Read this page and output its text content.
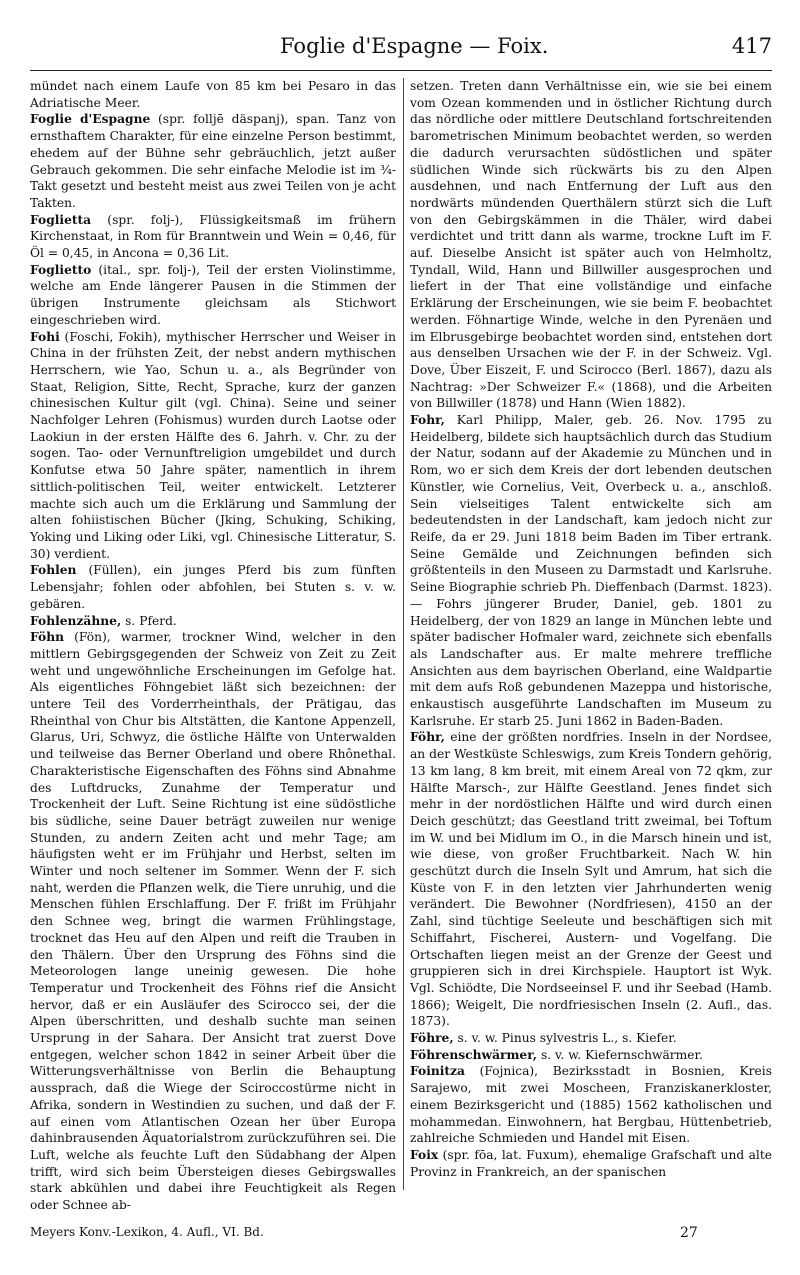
Foglie d'Espagne — Foix.	417

mündet nach einem Laufe von 85 km bei Pesaro in das Adriatische Meer.

Foglie d'Espagne (spr. folljē däspanj), span. Tanz von ernsthaftem Charakter, für eine einzelne Person bestimmt, ehedem auf der Bühne sehr gebräuchlich, jetzt außer Gebrauch gekommen. Die sehr einfache Melodie ist im ¾-Takt gesetzt und besteht meist aus zwei Teilen von je acht Takten.

Foglietta (spr. folj-), Flüssigkeitsmaß im frühern Kirchenstaat, in Rom für Branntwein und Wein = 0,46, für Öl = 0,45, in Ancona = 0,36 Lit.

Foglietto (ital., spr. folj-), Teil der ersten Violinstimme, welche am Ende längerer Pausen in die Stimmen der übrigen Instrumente gleichsam als Stichwort eingeschrieben wird.

Fohi (Foschi, Fokih), mythischer Herrscher und Weiser in China in der frühsten Zeit, der nebst andern mythischen Herrschern, wie Yao, Schun u. a., als Begründer von Staat, Religion, Sitte, Recht, Sprache, kurz der ganzen chinesischen Kultur gilt (vgl. China). Seine und seiner Nachfolger Lehren (Fohismus) wurden durch Laotse oder Laokiun in der ersten Hälfte des 6. Jahrh. v. Chr. zu der sogen. Tao- oder Vernunftreligion umgebildet und durch Konfutse etwa 50 Jahre später, namentlich in ihrem sittlich-politischen Teil, weiter entwickelt. Letzterer machte sich auch um die Erklärung und Sammlung der alten fohiistischen Bücher (Jking, Schuking, Schiking, Yoking und Liking oder Liki, vgl. Chinesische Litteratur, S. 30) verdient.

Fohlen (Füllen), ein junges Pferd bis zum fünften Lebensjahr; fohlen oder abfohlen, bei Stuten s. v. w. gebären.

Fohlenzähne, s. Pferd.

Föhn (Fön), warmer, trockner Wind, welcher in den mittlern Gebirgsgegenden der Schweiz von Zeit zu Zeit weht und ungewöhnliche Erscheinungen im Gefolge hat. Als eigentliches Föhngebiet läßt sich bezeichnen: der untere Teil des Vorderrheinthals, der Prätigau, das Rheinthal von Chur bis Altstätten, die Kantone Appenzell, Glarus, Uri, Schwyz, die östliche Hälfte von Unterwalden und teilweise das Berner Oberland und obere Rhônethal. Charakteristische Eigenschaften des Föhns sind Abnahme des Luftdrucks, Zunahme der Temperatur und Trockenheit der Luft. Seine Richtung ist eine südöstliche bis südliche, seine Dauer beträgt zuweilen nur wenige Stunden, zu andern Zeiten acht und mehr Tage; am häufigsten weht er im Frühjahr und Herbst, selten im Winter und noch seltener im Sommer. Wenn der F. sich naht, werden die Pflanzen welk, die Tiere unruhig, und die Menschen fühlen Erschlaffung. Der F. frißt im Frühjahr den Schnee weg, bringt die warmen Frühlingstage, trocknet das Heu auf den Alpen und reift die Trauben in den Thälern. Über den Ursprung des Föhns sind die Meteorologen lange uneinig gewesen. Die hohe Temperatur und Trockenheit des Föhns rief die Ansicht hervor, daß er ein Ausläufer des Scirocco sei, der die Alpen überschritten, und deshalb suchte man seinen Ursprung in der Sahara. Der Ansicht trat zuerst Dove entgegen, welcher schon 1842 in seiner Arbeit über die Witterungsverhältnisse von Berlin die Behauptung aussprach, daß die Wiege der Sciroccostürme nicht in Afrika, sondern in Westindien zu suchen, und daß der F. auf einen vom Atlantischen Ozean her über Europa dahinbrausenden Äquatorialstrom zurückzuführen sei. Die Luft, welche als feuchte Luft den Südabhang der Alpen trifft, wird sich beim Übersteigen dieses Gebirgswalles stark abkühlen und dabei ihre Feuchtigkeit als Regen oder Schnee ab-

setzen. Treten dann Verhältnisse ein, wie sie bei einem vom Ozean kommenden und in östlicher Richtung durch das nördliche oder mittlere Deutschland fortschreitenden barometrischen Minimum beobachtet werden, so werden die dadurch verursachten südöstlichen und später südlichen Winde sich rückwärts bis zu den Alpen ausdehnen, und nach Entfernung der Luft aus den nordwärts mündenden Querthälern stürzt sich die Luft von den Gebirgskämmen in die Thäler, wird dabei verdichtet und tritt dann als warme, trockne Luft im F. auf. Dieselbe Ansicht ist später auch von Helmholtz, Tyndall, Wild, Hann und Billwiller ausgesprochen und liefert in der That eine vollständige und einfache Erklärung der Erscheinungen, wie sie beim F. beobachtet werden. Föhnartige Winde, welche in den Pyrenäen und im Elbrusgebirge beobachtet worden sind, entstehen dort aus denselben Ursachen wie der F. in der Schweiz. Vgl. Dove, Über Eiszeit, F. und Scirocco (Berl. 1867), dazu als Nachtrag: »Der Schweizer F.« (1868), und die Arbeiten von Billwiller (1878) und Hann (Wien 1882).

Fohr, Karl Philipp, Maler, geb. 26. Nov. 1795 zu Heidelberg, bildete sich hauptsächlich durch das Studium der Natur, sodann auf der Akademie zu München und in Rom, wo er sich dem Kreis der dort lebenden deutschen Künstler, wie Cornelius, Veit, Overbeck u. a., anschloß. Sein vielseitiges Talent entwickelte sich am bedeutendsten in der Landschaft, kam jedoch nicht zur Reife, da er 29. Juni 1818 beim Baden im Tiber ertrank. Seine Gemälde und Zeichnungen befinden sich größtenteils in den Museen zu Darmstadt und Karlsruhe. Seine Biographie schrieb Ph. Dieffenbach (Darmst. 1823). — Fohrs jüngerer Bruder, Daniel, geb. 1801 zu Heidelberg, der von 1829 an lange in München lebte und später badischer Hofmaler ward, zeichnete sich ebenfalls als Landschafter aus. Er malte mehrere treffliche Ansichten aus dem bayrischen Oberland, eine Waldpartie mit dem aufs Roß gebundenen Mazeppa und historische, enkaustisch ausgeführte Landschaften im Museum zu Karlsruhe. Er starb 25. Juni 1862 in Baden-Baden.

Föhr, eine der größten nordfries. Inseln in der Nordsee, an der Westküste Schleswigs, zum Kreis Tondern gehörig, 13 km lang, 8 km breit, mit einem Areal von 72 qkm, zur Hälfte Marsch-, zur Hälfte Geestland. Jenes findet sich mehr in der nordöstlichen Hälfte und wird durch einen Deich geschützt; das Geestland tritt zweimal, bei Toftum im W. und bei Midlum im O., in die Marsch hinein und ist, wie diese, von großer Fruchtbarkeit. Nach W. hin geschützt durch die Inseln Sylt und Amrum, hat sich die Küste von F. in den letzten vier Jahrhunderten wenig verändert. Die Bewohner (Nordfriesen), 4150 an der Zahl, sind tüchtige Seeleute und beschäftigen sich mit Schiffahrt, Fischerei, Austern- und Vogelfang. Die Ortschaften liegen meist an der Grenze der Geest und gruppieren sich in drei Kirchspiele. Hauptort ist Wyk. Vgl. Schiödte, Die Nordseeinsel F. und ihr Seebad (Hamb. 1866); Weigelt, Die nordfriesischen Inseln (2. Aufl., das. 1873).

Föhre, s. v. w. Pinus sylvestris L., s. Kiefer.

Föhrenschwärmer, s. v. w. Kiefernschwärmer.

Foinitza (Fojnica), Bezirksstadt in Bosnien, Kreis Sarajewo, mit zwei Moscheen, Franziskanerkloster, einem Bezirksgericht und (1885) 1562 katholischen und mohammedan. Einwohnern, hat Bergbau, Hüttenbetrieb, zahlreiche Schmieden und Handel mit Eisen.

Foix (spr. fōa, lat. Fuxum), ehemalige Grafschaft und alte Provinz in Frankreich, an der spanischen

Meyers Konv.-Lexikon, 4. Aufl., VI. Bd.	27
